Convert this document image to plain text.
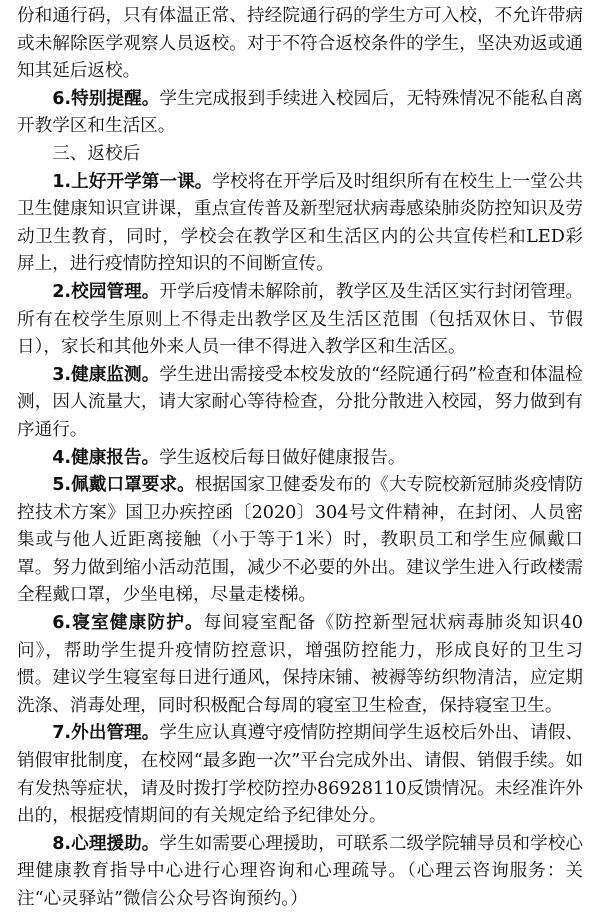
份和通行码，只有体温正常、持经院通行码的学生方可入校，不允许带病或未解除医学观察人员返校。对于不符合返校条件的学生，坚决劝返或通知其延后返校。

6.特别提醒。学生完成报到手续进入校园后，无特殊情况不能私自离开教学区和生活区。

三、返校后

1.上好开学第一课。学校将在开学后及时组织所有在校生上一堂公共卫生健康知识宣讲课，重点宣传普及新型冠状病毒感染肺炎防控知识及劳动卫生教育，同时，学校会在教学区和生活区内的公共宣传栏和LED彩屏上，进行疫情防控知识的不间断宣传。

2.校园管理。开学后疫情未解除前，教学区及生活区实行封闭管理。所有在校学生原则上不得走出教学区及生活区范围（包括双休日、节假日），家长和其他外来人员一律不得进入教学区和生活区。

3.健康监测。学生进出需接受本校发放的“经院通行码”检查和体温检测，因人流量大，请大家耐心等待检查，分批分散进入校园，努力做到有序通行。

4.健康报告。学生返校后每日做好健康报告。

5.佩戴口罩要求。根据国家卫健委发布的《大专院校新冠肺炎疫情防控技术方案》国卫办疾控函〔2020〕304号文件精神，在封闭、人员密集或与他人近距离接触（小于等于1米）时，教职员工和学生应佩戴口罩。努力做到缩小活动范围，减少不必要的外出。建议学生进入行政楼需全程戴口罩，少坐电梯，尽量走楼梯。

6.寝室健康防护。每间寝室配备《防控新型冠状病毒肺炎知识40问》，帮助学生提升疫情防控意识，增强防控能力，形成良好的卫生习惯。建议学生寝室每日进行通风，保持床铺、被褥等纺织物清洁，应定期洗涤、消毒处理，同时积极配合每周的寝室卫生检查，保持寝室卫生。

7.外出管理。学生应认真遵守疫情防控期间学生返校后外出、请假、销假审批制度，在校网“最多跑一次”平台完成外出、请假、销假手续。如有发热等症状，请及时拨打学校防控办86928110反馈情况。未经准许外出的，根据疫情期间的有关规定给予纪律处分。

8.心理援助。学生如需要心理援助，可联系二级学院辅导员和学校心理健康教育指导中心进行心理咨询和心理疏导。（心理云咨询服务：关注“心灵驿站”微信公众号咨询预约。）
